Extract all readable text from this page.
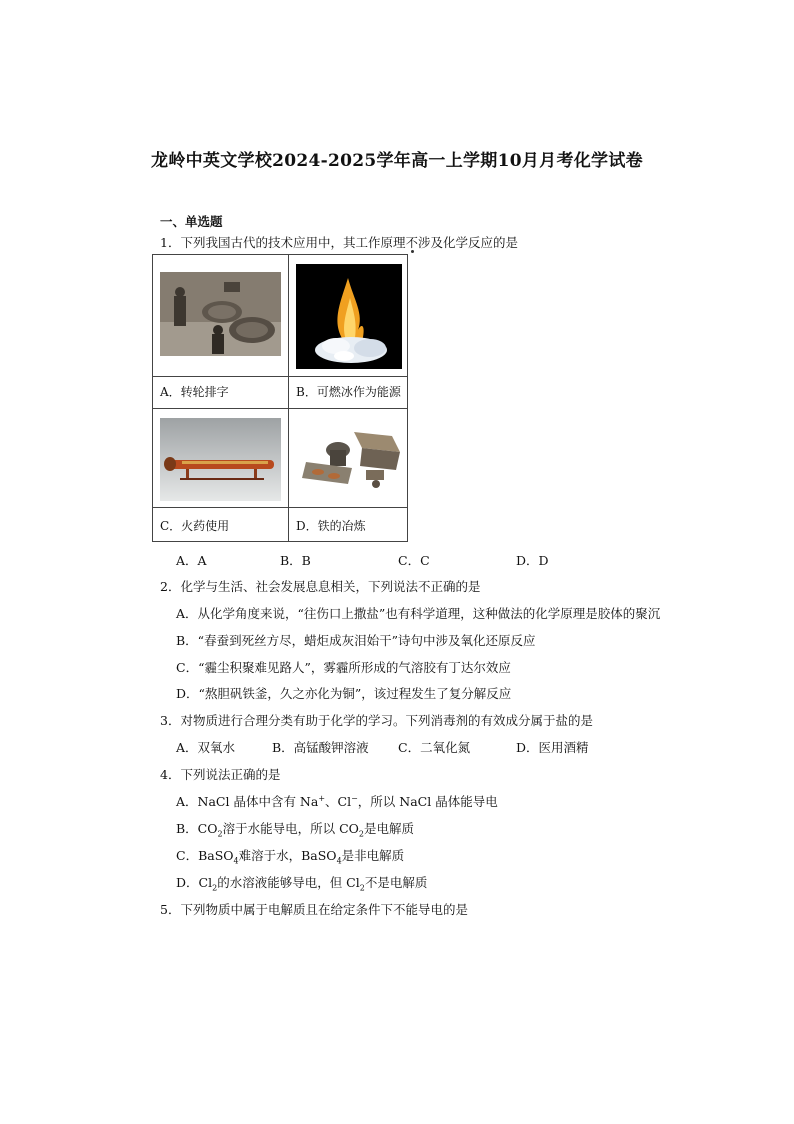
龙岭中英文学校2024-2025学年高一上学期10月月考化学试卷
一、单选题
1．下列我国古代的技术应用中，其工作原理不涉及化学反应的是
A．转轮排字	B．可燃冰作为能源
C．火药使用	D．铁的冶炼
A．A	B．B	C．C	D．D
2．化学与生活、社会发展息息相关，下列说法不正确的是
A．从化学角度来说，“往伤口上撒盐”也有科学道理，这种做法的化学原理是胶体的聚沉
B．“春蚕到死丝方尽，蜡炬成灰泪始干”诗句中涉及氧化还原反应
C．“霾尘积聚难见路人”，雾霾所形成的气溶胶有丁达尔效应
D．“熬胆矾铁釜，久之亦化为铜”，该过程发生了复分解反应
3．对物质进行合理分类有助于化学的学习。下列消毒剂的有效成分属于盐的是
A．双氧水	B．高锰酸钾溶液 C．二氧化氮	D．医用酒精
4．下列说法正确的是
A．NaCl 晶体中含有 Na+、Cl−，所以 NaCl 晶体能导电
B．$CO_2$溶于水能导电，所以 $CO_2$是电解质
C．BaSO$_4$难溶于水，BaSO$_4$是非电解质
D．$Cl_2$的水溶液能够导电，但 $Cl_2$不是电解质
5．下列物质中属于电解质且在给定条件下不能导电的是
